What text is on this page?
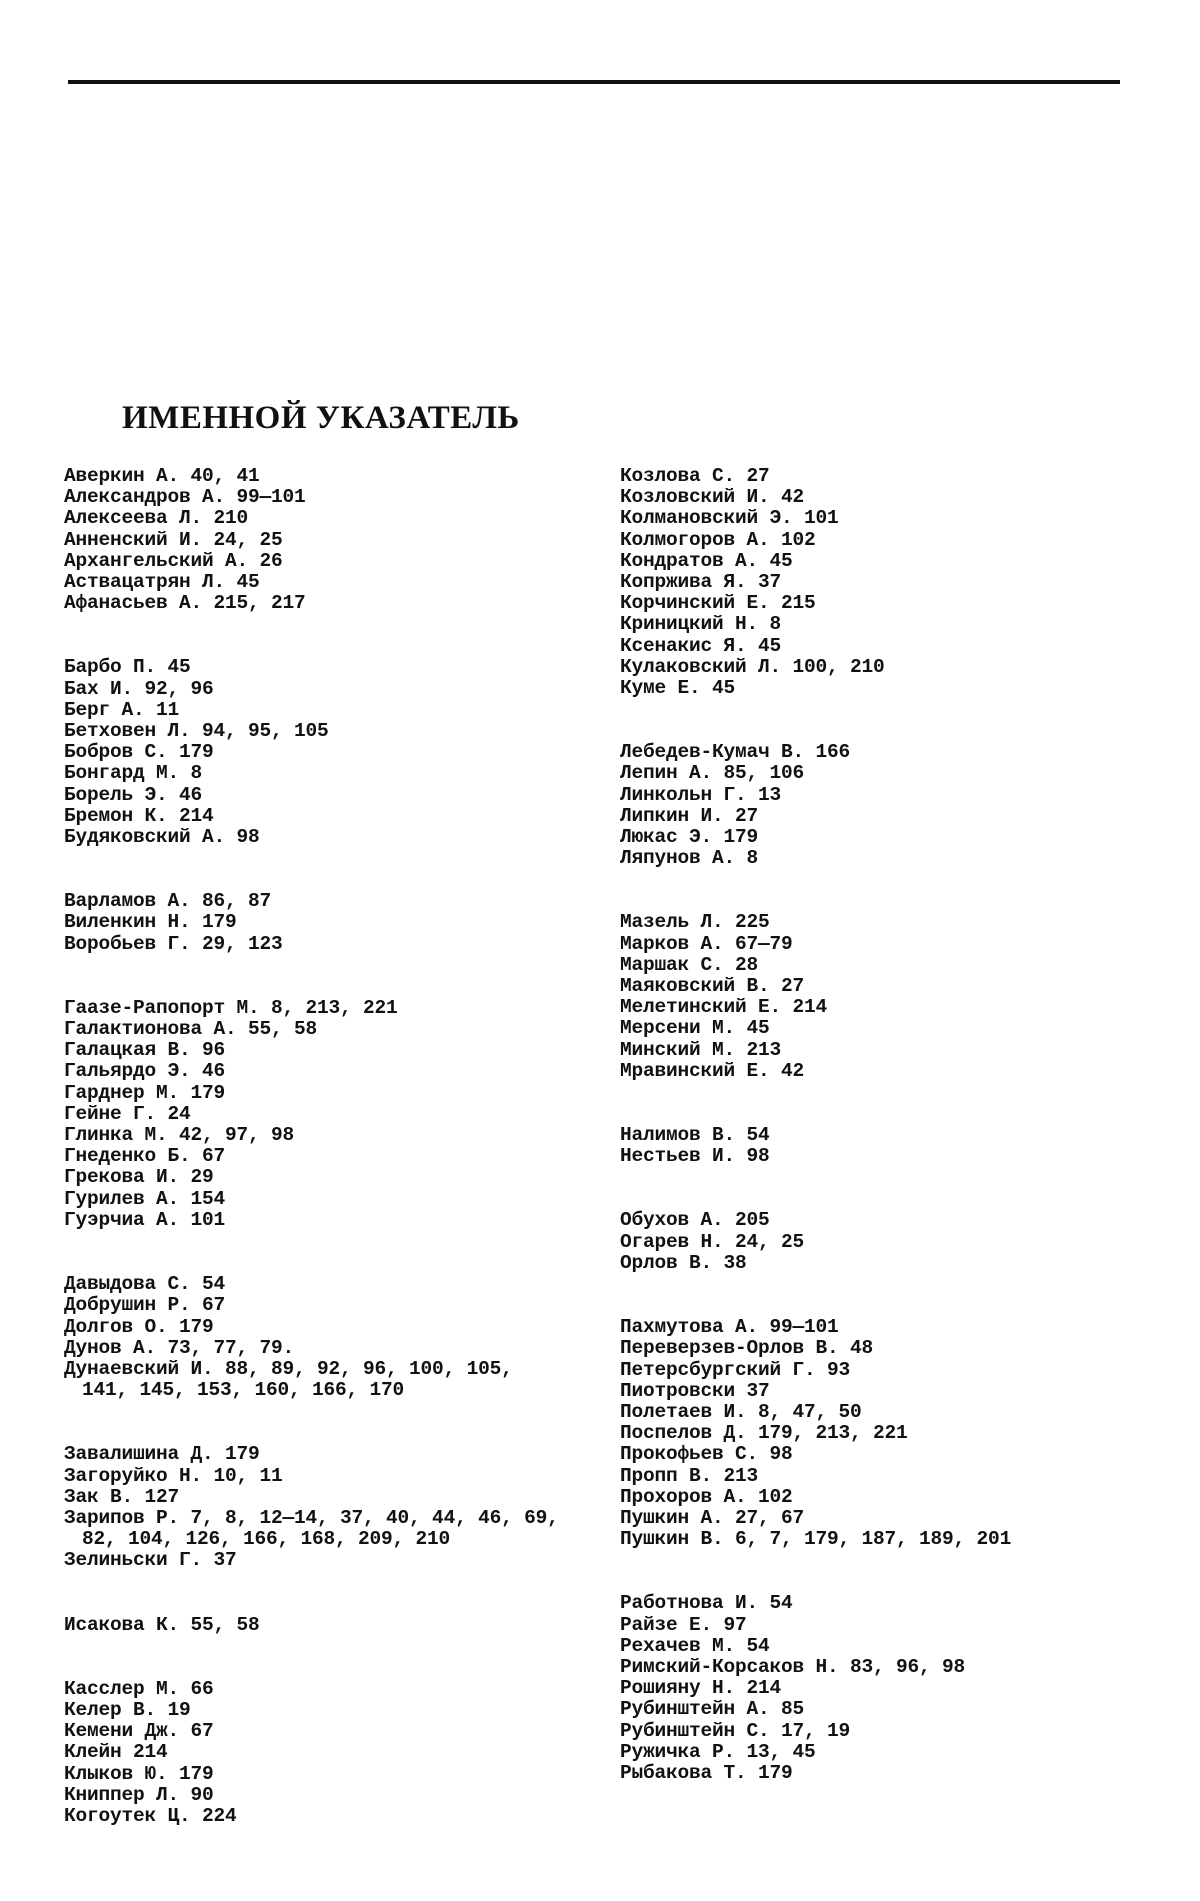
ИМЕННОЙ УКАЗАТЕЛЬ
Аверкин А. 40, 41
Александров А. 99—101
Алексеева Л. 210
Анненский И. 24, 25
Архангельский А. 26
Аствацатрян Л. 45
Афанасьев А. 215, 217
Барбо П. 45
Бах И. 92, 96
Берг А. 11
Бетховен Л. 94, 95, 105
Бобров С. 179
Бонгард М. 8
Борель Э. 46
Бремон К. 214
Будяковский А. 98
Варламов А. 86, 87
Виленкин Н. 179
Воробьев Г. 29, 123
Гаазе-Рапопорт М. 8, 213, 221
Галактионова А. 55, 58
Галацкая В. 96
Гальярдо Э. 46
Гарднер М. 179
Гейне Г. 24
Глинка М. 42, 97, 98
Гнеденко Б. 67
Грекова И. 29
Гурилев А. 154
Гуэрчиа А. 101
Давыдова С. 54
Добрушин Р. 67
Долгов О. 179
Дунов А. 73, 77, 79.
Дунаевский И. 88, 89, 92, 96, 100, 105,
141, 145, 153, 160, 166, 170
Завалишина Д. 179
Загоруйко Н. 10, 11
Зак В. 127
Зарипов Р. 7, 8, 12—14, 37, 40, 44, 46, 69,
82, 104, 126, 166, 168, 209, 210
Зелиньски Г. 37
Исакова К. 55, 58
Касслер М. 66
Келер В. 19
Кемени Дж. 67
Клейн 214
Клыков Ю. 179
Книппер Л. 90
Когоутек Ц. 224
Козлова С. 27
Козловский И. 42
Колмановский Э. 101
Колмогоров А. 102
Кондратов А. 45
Копржива Я. 37
Корчинский Е. 215
Криницкий Н. 8
Ксенакис Я. 45
Кулаковский Л. 100, 210
Куме Е. 45
Лебедев-Кумач В. 166
Лепин А. 85, 106
Линкольн Г. 13
Липкин И. 27
Люкас Э. 179
Ляпунов А. 8
Мазель Л. 225
Марков А. 67—79
Маршак С. 28
Маяковский В. 27
Мелетинский Е. 214
Мерсени М. 45
Минский М. 213
Мравинский Е. 42
Налимов В. 54
Нестьев И. 98
Обухов А. 205
Огарев Н. 24, 25
Орлов В. 38
Пахмутова А. 99—101
Переверзев-Орлов В. 48
Петерсбургский Г. 93
Пиотровски 37
Полетаев И. 8, 47, 50
Поспелов Д. 179, 213, 221
Прокофьев С. 98
Пропп В. 213
Прохоров А. 102
Пушкин А. 27, 67
Пушкин В. 6, 7, 179, 187, 189, 201
Работнова И. 54
Райзе Е. 97
Рехачев М. 54
Римский-Корсаков Н. 83, 96, 98
Рошияну Н. 214
Рубинштейн А. 85
Рубинштейн С. 17, 19
Ружичка Р. 13, 45
Рыбакова Т. 179
